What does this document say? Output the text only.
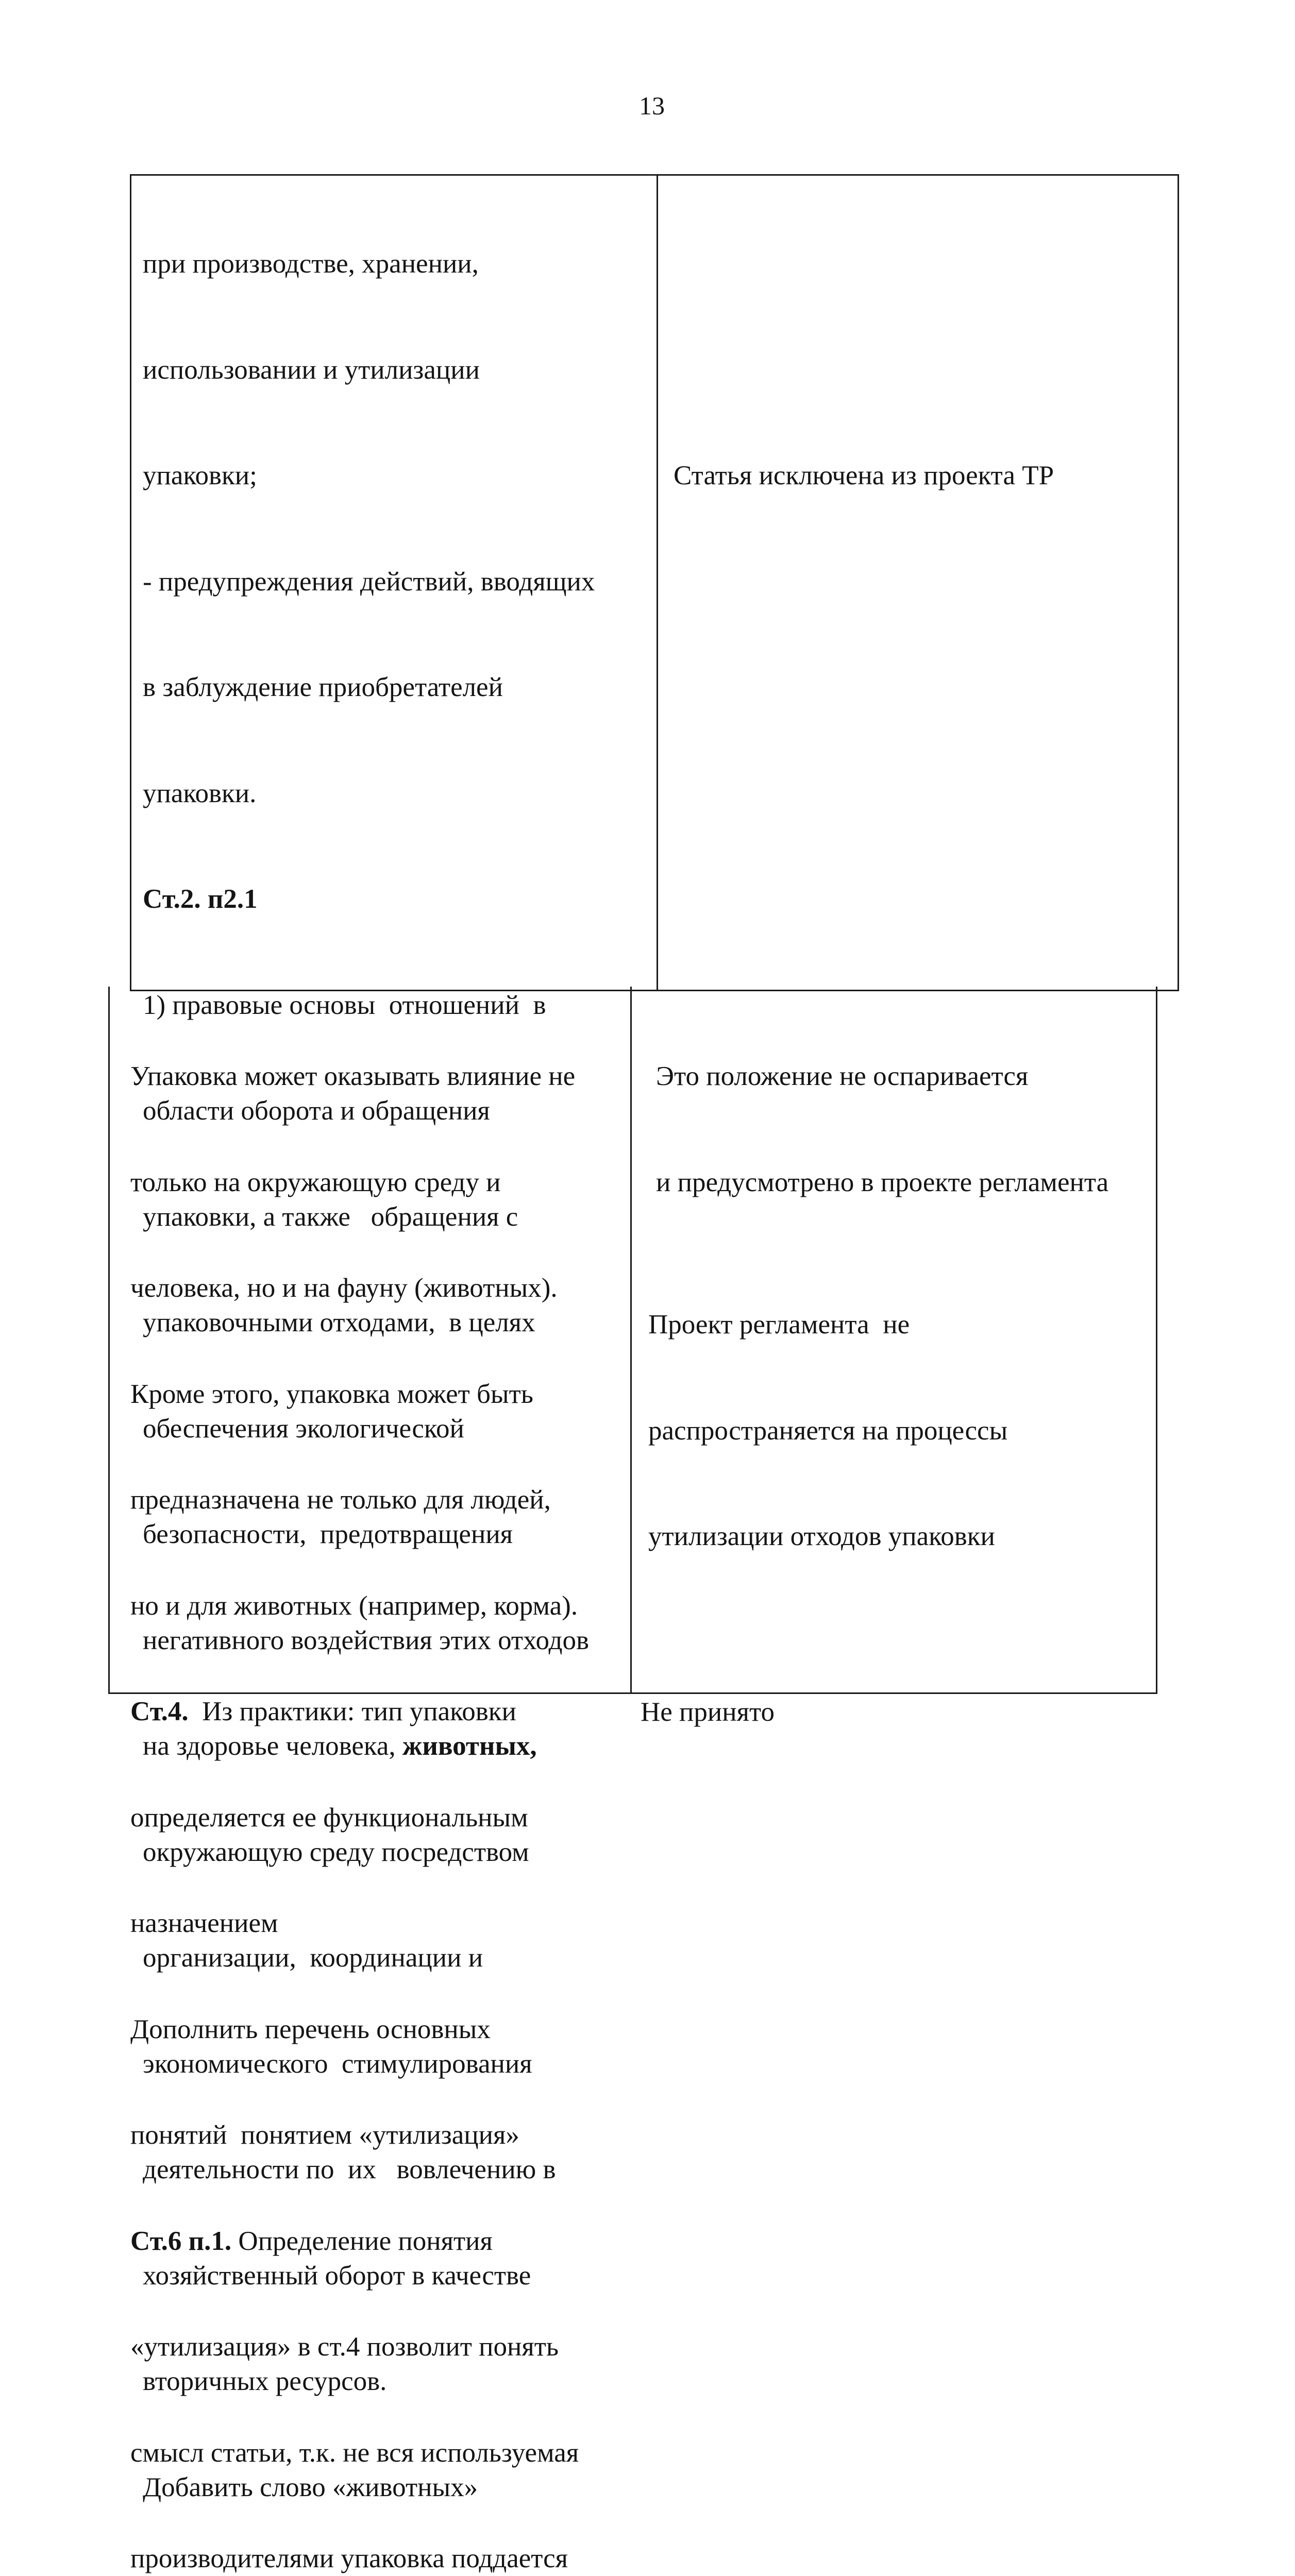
13

при производстве, хранении,

использовании и утилизации

упаковки;

- предупреждения действий, вводящих

в заблуждение приобретателей

упаковки.

Ст.2. п2.1

1) правовые основы  отношений  в

области оборота и обращения

упаковки, а также   обращения с

упаковочными отходами,  в целях

обеспечения экологической

безопасности,  предотвращения

негативного воздействия этих отходов

на здоровье человека, животных,

окружающую среду посредством

организации,  координации и

экономического  стимулирования

деятельности по  их   вовлечению в

хозяйственный оборот в качестве

вторичных ресурсов.

Добавить слово «животных»

Статья исключена из проекта ТР

Упаковка может оказывать влияние не

только на окружающую среду и

человека, но и на фауну (животных).

Кроме этого, упаковка может быть

предназначена не только для людей,

но и для животных (например, корма).

Ст.4.  Из практики: тип упаковки

определяется ее функциональным

назначением

Дополнить перечень основных

понятий  понятием «утилизация»

Ст.6 п.1. Определение понятия

«утилизация» в ст.4 позволит понять

смысл статьи, т.к. не вся используемая

производителями упаковка поддается

Это положение не оспаривается

и предусмотрено в проекте регламента

Проект регламента  не

распространяется на процессы

утилизации отходов упаковки

Не принято
